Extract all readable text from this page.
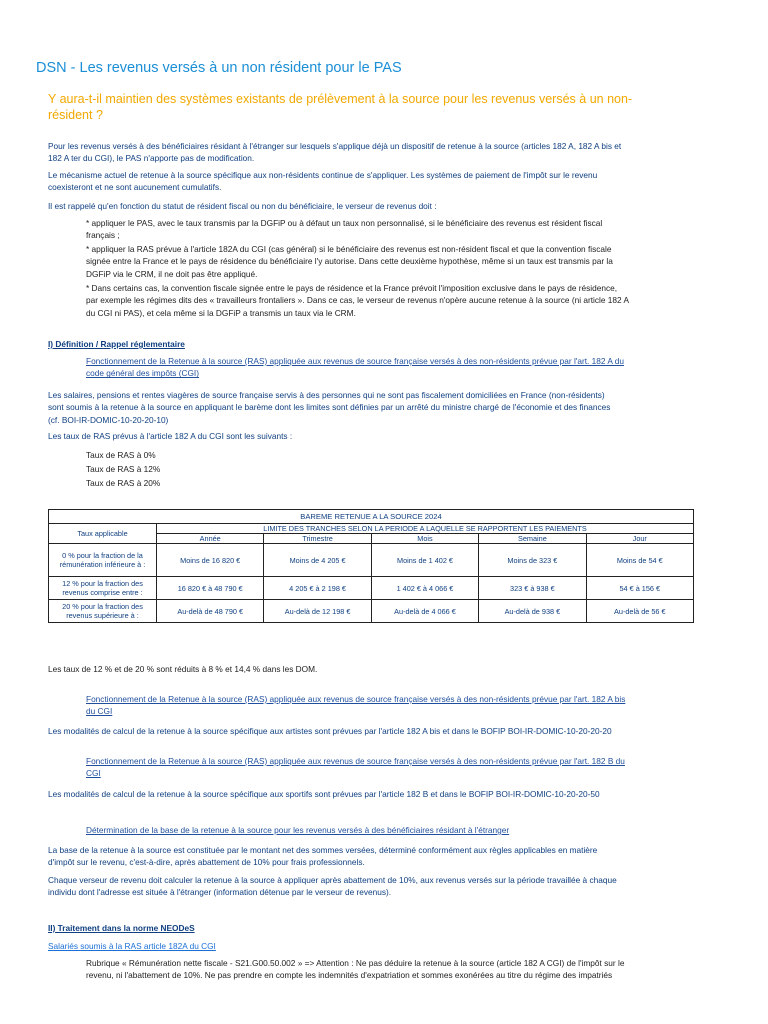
DSN - Les revenus versés à un non résident pour le PAS
Y aura-t-il maintien des systèmes existants de prélèvement à la source pour les revenus versés à un non-
résident ?
Pour les revenus versés à des bénéficiaires résidant à l'étranger sur lesquels s'applique déjà un dispositif de retenue à la source (articles 182 A, 182 A bis et
182 A ter du CGI), le PAS n'apporte pas de modification.
Le mécanisme actuel de retenue à la source spécifique aux non-résidents continue de s'appliquer. Les systèmes de paiement de l'impôt sur le revenu
coexisteront et ne sont aucunement cumulatifs.
Il est rappelé qu'en fonction du statut de résident fiscal ou non du bénéficiaire, le verseur de revenus doit :
* appliquer le PAS, avec le taux transmis par la DGFiP ou à défaut un taux non personnalisé, si le bénéficiaire des revenus est résident fiscal
français ;
* appliquer la RAS prévue à l'article 182A du CGI (cas général) si le bénéficiaire des revenus est non-résident fiscal et que la convention fiscale
signée entre la France et le pays de résidence du bénéficiaire l'y autorise. Dans cette deuxième hypothèse, même si un taux est transmis par la
DGFiP via le CRM, il ne doit pas être appliqué.
* Dans certains cas, la convention fiscale signée entre le pays de résidence et la France prévoit l'imposition exclusive dans le pays de résidence,
par exemple les régimes dits des « travailleurs frontaliers ». Dans ce cas, le verseur de revenus n'opère aucune retenue à la source (ni article 182 A
du CGI ni PAS), et cela même si la DGFiP a transmis un taux via le CRM.
I) Définition / Rappel réglementaire
Fonctionnement de la Retenue à la source (RAS) appliquée aux revenus de source française versés à des non-résidents prévue par l'art. 182 A du
code général des impôts (CGI)
Les salaires, pensions et rentes viagères de source française servis à des personnes qui ne sont pas fiscalement domiciliées en France (non-résidents)
sont soumis à la retenue à la source en appliquant le barème dont les limites sont définies par un arrêté du ministre chargé de l'économie et des finances
(cf. BOI-IR-DOMIC-10-20-20-10)
Les taux de RAS prévus à l'article 182 A du CGI sont les suivants :
Taux de RAS à 0%
Taux de RAS à 12%
Taux de RAS à 20%
BAREME RETENUE A LA SOURCE 2024					
Taux applicable	LIMITE DES TRANCHES SELON LA PERIODE A LAQUELLE SE RAPPORTENT LES PAIEMENTS				
	Année	Trimestre	Mois	Semaine	Jour
0 % pour la fraction de la rémunération inférieure à :	Moins de 16 820 €	Moins de 4 205 €	Moins de 1 402 €	Moins de 323 €	Moins de 54 €
12 % pour la fraction des revenus comprise entre :	16 820 € à 48 790 €	4 205 € à 2 198 €	1 402 € à 4 066 €	323 € à 938 €	54 € à 156 €
20 % pour la fraction des revenus supérieure à :	Au-delà de 48 790 €	Au-delà de 12 198 €	Au-delà de 4 066 €	Au-delà de 938 €	Au-delà de 56 €
Les taux de 12 % et de 20 % sont réduits à 8 % et 14,4 % dans les DOM.
Fonctionnement de la Retenue à la source (RAS) appliquée aux revenus de source française versés à des non-résidents prévue par l'art. 182 A bis
du CGI
Les modalités de calcul de la retenue à la source spécifique aux artistes sont prévues par l'article 182 A bis et dans le BOFIP BOI-IR-DOMIC-10-20-20-20
Fonctionnement de la Retenue à la source (RAS) appliquée aux revenus de source française versés à des non-résidents prévue par l'art. 182 B du
CGI
Les modalités de calcul de la retenue à la source spécifique aux sportifs sont prévues par l'article 182 B et dans le BOFIP BOI-IR-DOMIC-10-20-20-50
Détermination de la base de la retenue à la source pour les revenus versés à des bénéficiaires résidant à l'étranger
La base de la retenue à la source est constituée par le montant net des sommes versées, déterminé conformément aux règles applicables en matière
d'impôt sur le revenu, c'est-à-dire, après abattement de 10% pour frais professionnels.
Chaque verseur de revenu doit calculer la retenue à la source à appliquer après abattement de 10%, aux revenus versés sur la période travaillée à chaque
individu dont l'adresse est située à l'étranger (information détenue par le verseur de revenus).
II) Traitement dans la norme NEODeS
Salariés soumis à la RAS article 182A du CGI
Rubrique « Rémunération nette fiscale - S21.G00.50.002 » => Attention : Ne pas déduire la retenue à la source (article 182 A CGI) de l'impôt sur le
revenu, ni l'abattement de 10%. Ne pas prendre en compte les indemnités d'expatriation et sommes exonérées au titre du régime des impatriés
